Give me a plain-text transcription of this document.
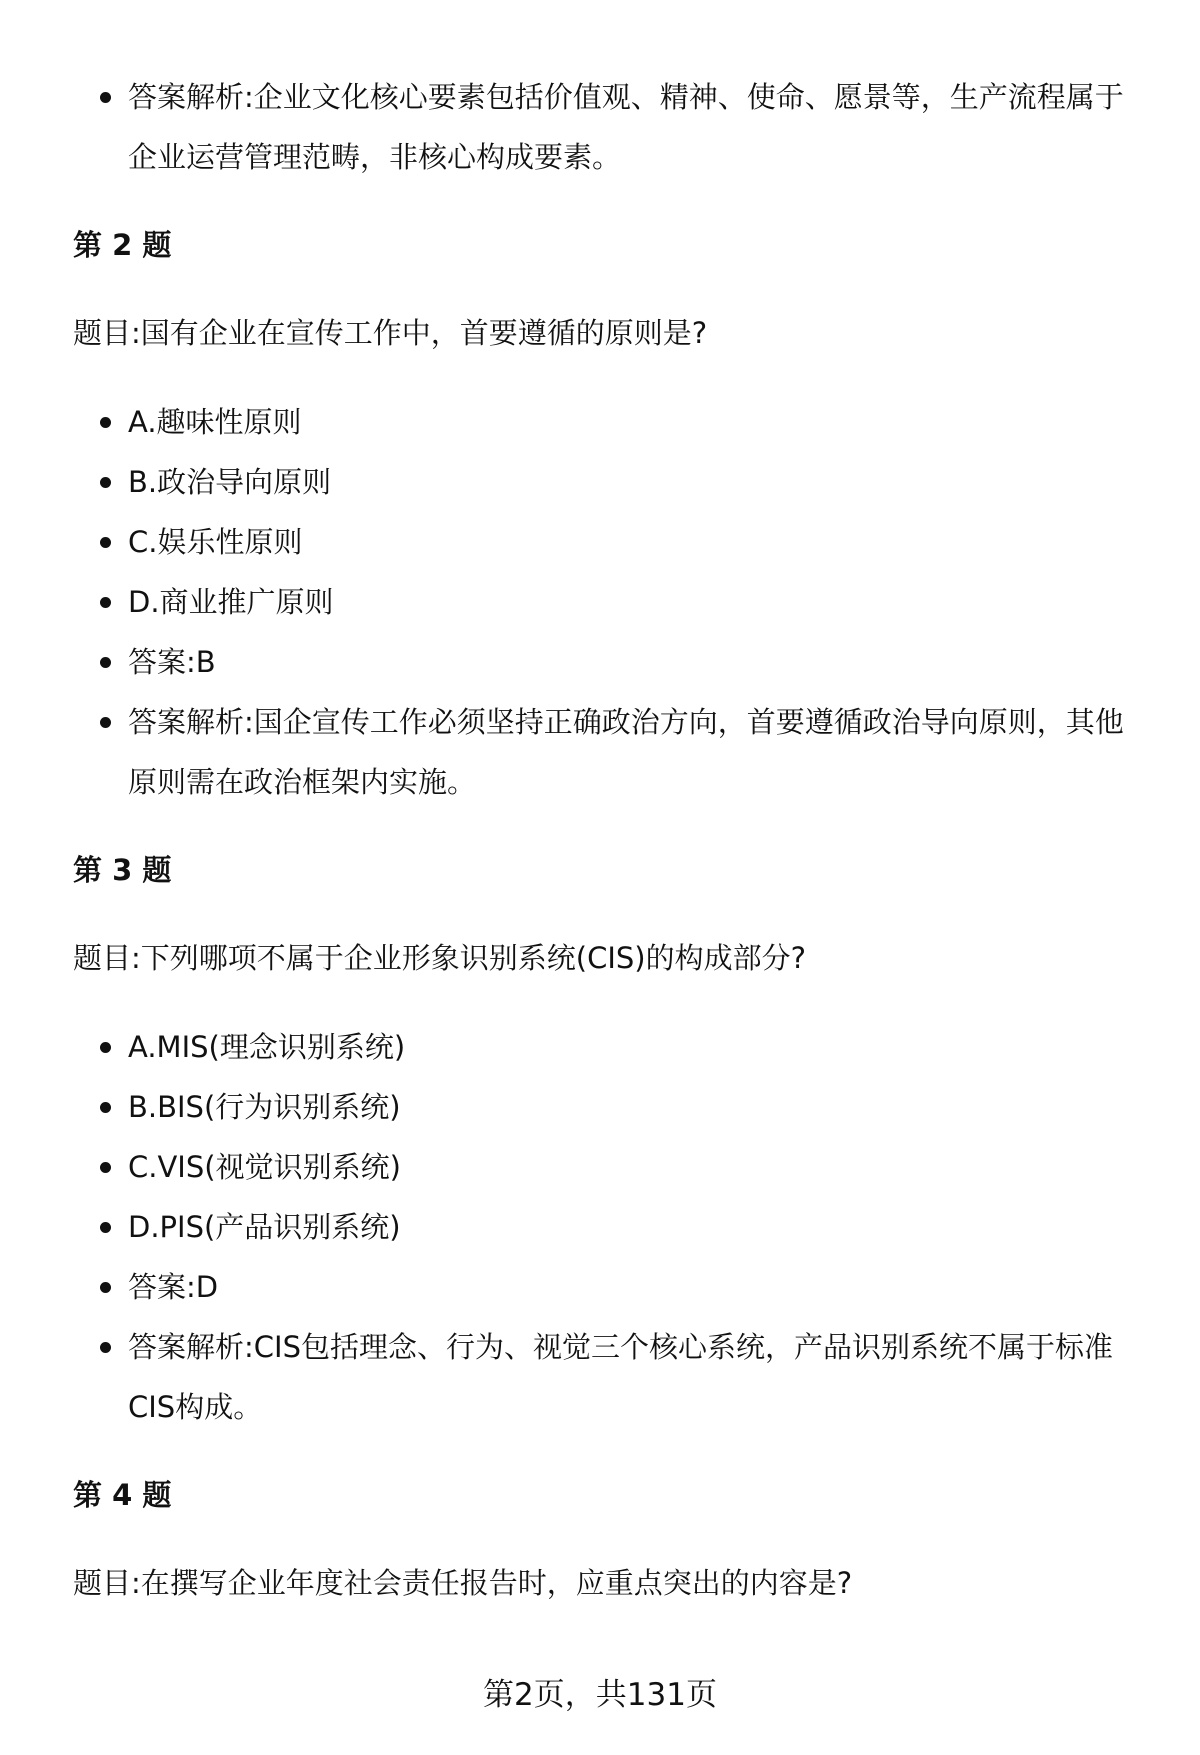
答案解析:企业文化核心要素包括价值观、精神、使命、愿景等，生产流程属于企业运营管理范畴，非核心构成要素。
第 2 题
题目:国有企业在宣传工作中，首要遵循的原则是?
A.趣味性原则
B.政治导向原则
C.娱乐性原则
D.商业推广原则
答案:B
答案解析:国企宣传工作必须坚持正确政治方向，首要遵循政治导向原则，其他原则需在政治框架内实施。
第 3 题
题目:下列哪项不属于企业形象识别系统(CIS)的构成部分?
A.MIS(理念识别系统)
B.BIS(行为识别系统)
C.VIS(视觉识别系统)
D.PIS(产品识别系统)
答案:D
答案解析:CIS包括理念、行为、视觉三个核心系统，产品识别系统不属于标准CIS构成。
第 4 题
题目:在撰写企业年度社会责任报告时，应重点突出的内容是?
第2页，共131页
